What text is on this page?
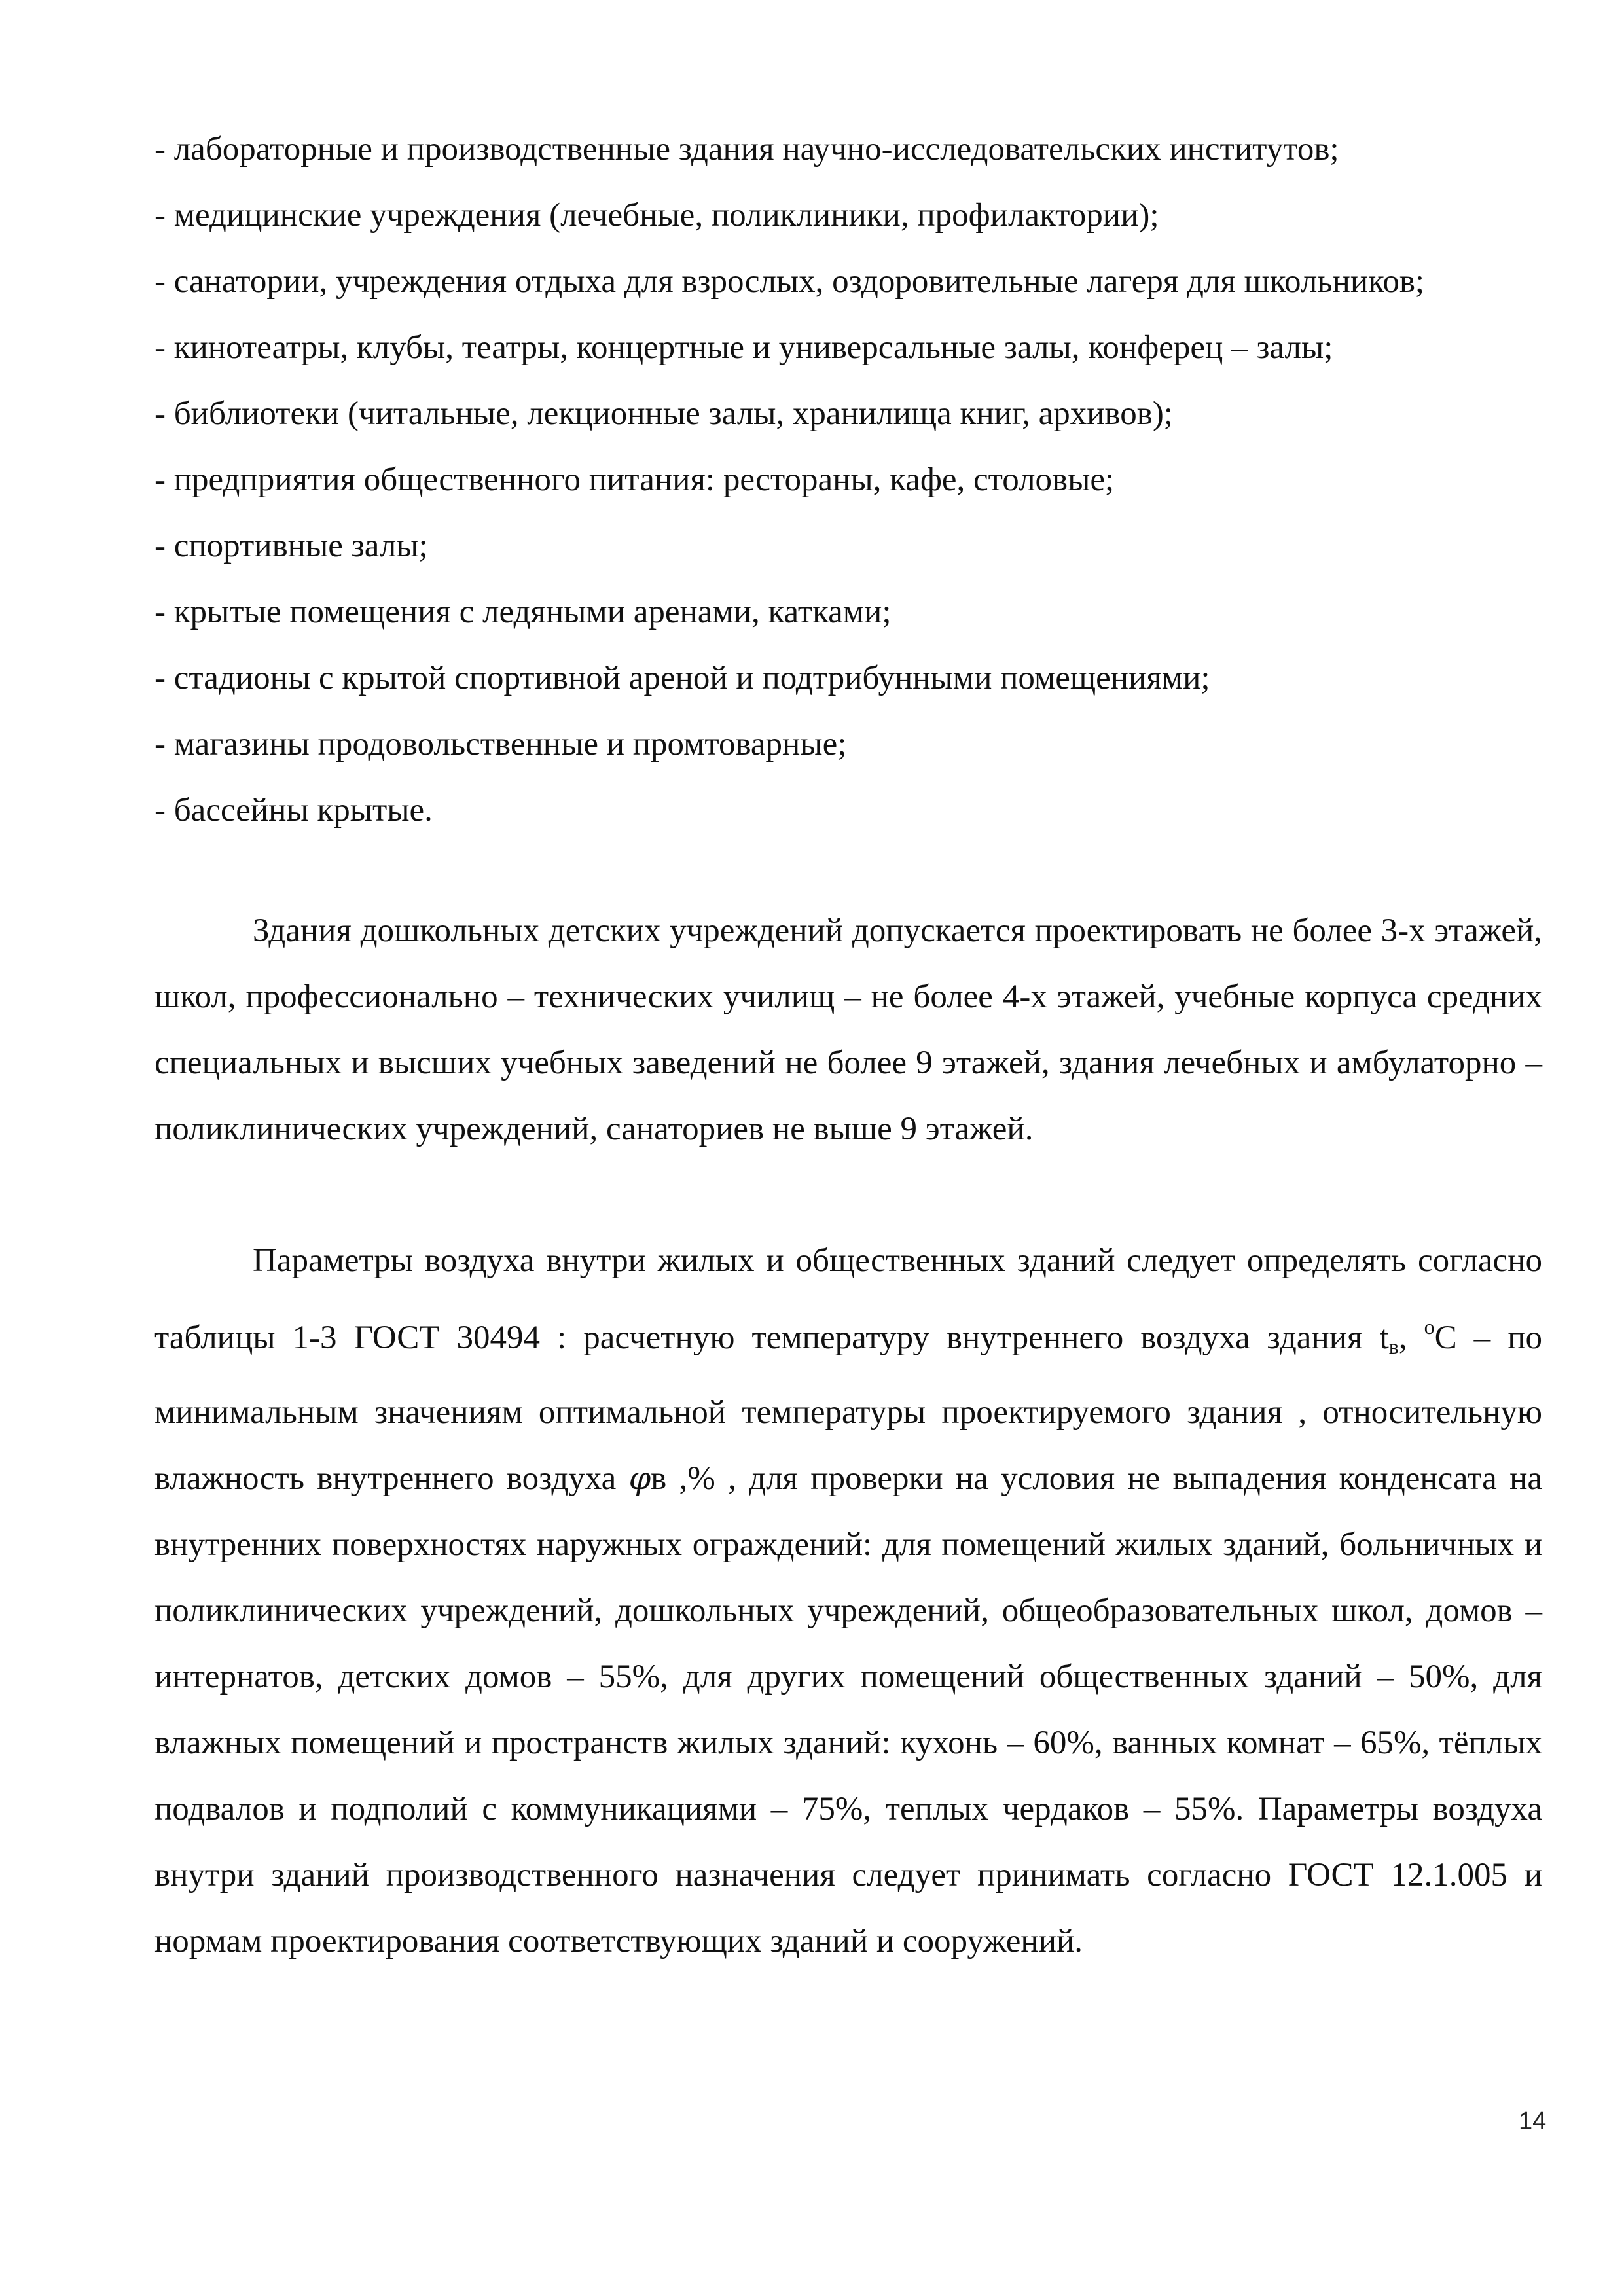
- лабораторные и производственные здания научно-исследовательских институтов;
- медицинские учреждения (лечебные, поликлиники, профилактории);
- санатории, учреждения отдыха для взрослых, оздоровительные лагеря для школьников;
- кинотеатры, клубы, театры, концертные и универсальные залы, конферец – залы;
- библиотеки (читальные, лекционные залы, хранилища книг, архивов);
- предприятия общественного питания: рестораны, кафе, столовые;
- спортивные залы;
- крытые помещения с ледяными аренами, катками;
- стадионы с крытой спортивной ареной и подтрибунными помещениями;
- магазины продовольственные и промтоварные;
- бассейны крытые.

Здания дошкольных детских учреждений допускается проектировать не более 3-х этажей, школ, профессионально – технических училищ – не более 4-х этажей, учебные корпуса средних специальных и высших учебных заведений не более 9 этажей, здания лечебных и амбулаторно – поликлинических учреждений, санаториев не выше 9 этажей.

Параметры воздуха внутри жилых и общественных зданий следует определять согласно таблицы 1-3 ГОСТ 30494 : расчетную температуру внутреннего воздуха здания $t_в$, $^о$С – по минимальным значениям оптимальной температуры проектируемого здания , относительную влажность внутреннего воздуха φв ,% , для проверки на условия не выпадения конденсата на внутренних поверхностях наружных ограждений: для помещений жилых зданий, больничных и поликлинических учреждений, дошкольных учреждений, общеобразовательных школ, домов – интернатов, детских домов – 55%, для других помещений общественных зданий – 50%, для влажных помещений и пространств жилых зданий: кухонь – 60%, ванных комнат – 65%, тёплых подвалов и подполий с коммуникациями – 75%, теплых чердаков – 55%. Параметры воздуха внутри зданий производственного назначения следует принимать согласно ГОСТ 12.1.005 и нормам проектирования соответствующих зданий и сооружений.

14
